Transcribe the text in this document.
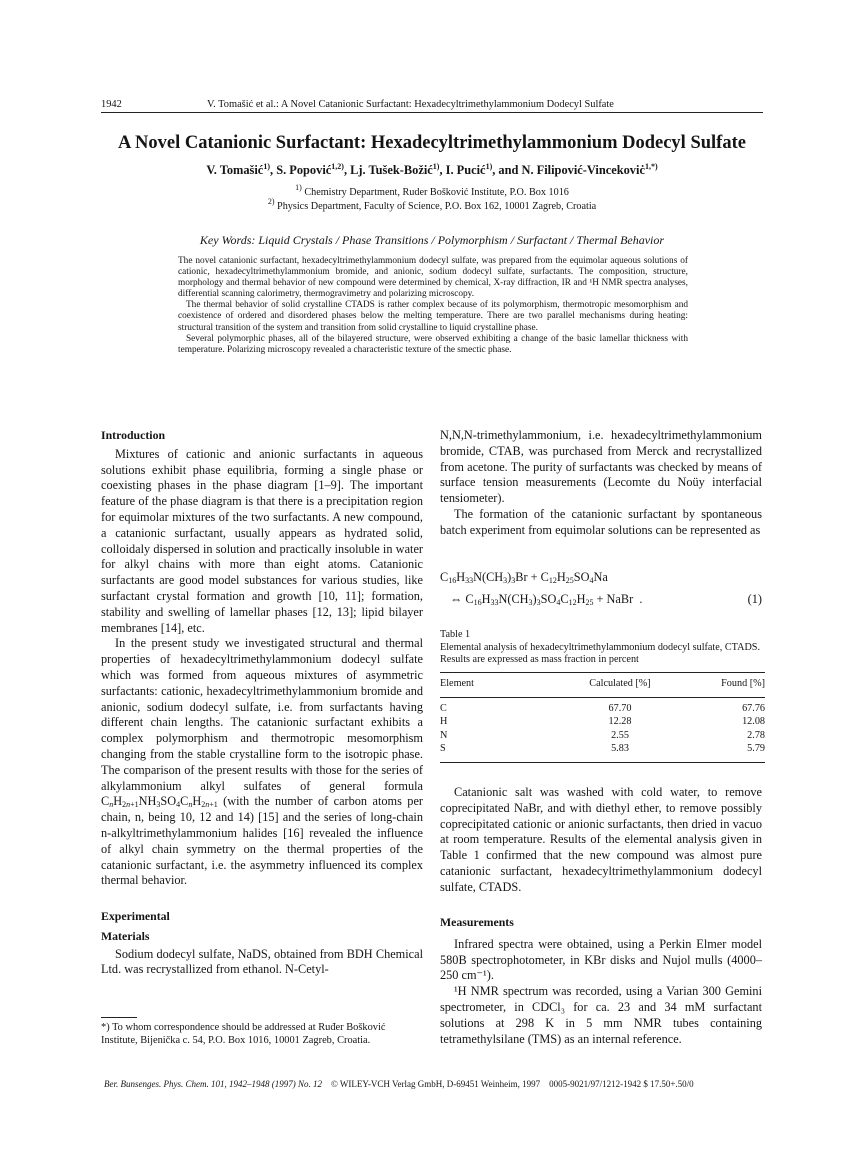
1942	V. Tomašić et al.: A Novel Catanionic Surfactant: Hexadecyltrimethylammonium Dodecyl Sulfate
A Novel Catanionic Surfactant: Hexadecyltrimethylammonium Dodecyl Sulfate
V. Tomašić$^{1)}$, S. Popović$^{1,2)}$, Lj. Tušek-Božić$^{1)}$, I. Pucić$^{1)}$, and N. Filipović-Vincekoviċ$^{1,*)}$
$^{1)}$ Chemistry Department, Ruder Bošković Institute, P.O. Box 1016
$^{2)}$ Physics Department, Faculty of Science, P.O. Box 162, 10001 Zagreb, Croatia
Key Words: Liquid Crystals / Phase Transitions / Polymorphism / Surfactant / Thermal Behavior

The novel catanionic surfactant, hexadecyltrimethylammonium dodecyl sulfate, was prepared from the equimolar aqueous solutions of cationic, hexadecyltrimethylammonium bromide, and anionic, sodium dodecyl sulfate, surfactants. The composition, structure, morphology and thermal behavior of new compound were determined by chemical, X-ray diffraction, IR and ¹H NMR spectra analyses, differential scanning calorimetry, thermogravimetry and polarizing microscopy.

The thermal behavior of solid crystalline CTADS is rather complex because of its polymorphism, thermotropic mesomorphism and coexistence of ordered and disordered phases below the melting temperature. There are two parallel mechanisms during heating: structural transition of the system and transition from solid crystalline to liquid crystalline phase.

Several polymorphic phases, all of the bilayered structure, were observed exhibiting a change of the basic lamellar thickness with temperature. Polarizing microscopy revealed a characteristic texture of the smectic phase.

Introduction

Mixtures of cationic and anionic surfactants in aqueous solutions exhibit phase equilibria, forming a single phase or coexisting phases in the phase diagram [1–9]. The important feature of the phase diagram is that there is a precipitation region for equimolar mixtures of the two surfactants. A new compound, a catanionic surfactant, usually appears as hydrated solid, colloidaly dispersed in solution and practically insoluble in water for alkyl chains with more than eight atoms. Catanionic surfactants are good model substances for various studies, like surfactant crystal formation and growth [10, 11]; formation, stability and swelling of lamellar phases [12, 13]; lipid bilayer membranes [14], etc.

In the present study we investigated structural and thermal properties of hexadecyltrimethylammonium dodecyl sulfate which was formed from aqueous mixtures of asymmetric surfactants: cationic, hexadecyltrimethylammonium bromide and anionic, sodium dodecyl sulfate, i.e. from surfactants having different chain lengths. The catanionic surfactant exhibits a complex polymorphism and thermotropic mesomorphism changing from the stable crystalline form to the isotropic phase. The comparison of the present results with those for the series of alkylammonium alkyl sulfates of general formula $C_nH_{2n+1}NH_3SO_4C_nH_{2n+1}$ (with the number of carbon atoms per chain, n, being 10, 12 and 14) [15] and the series of long-chain n-alkyltrimethylammonium halides [16] revealed the influence of alkyl chain symmetry on the thermal properties of the catanionic surfactant, i.e. the asymmetry influenced its complex thermal behavior.

Experimental

Materials

Sodium dodecyl sulfate, NaDS, obtained from BDH Chemical Ltd. was recrystallized from ethanol. N-Cetyl-

*) To whom correspondence should be addressed at Ruđer Bošković Institute, Bijenička c. 54, P.O. Box 1016, 10001 Zagreb, Croatia.

N,N,N-trimethylammonium, i.e. hexadecyltrimethylammonium bromide, CTAB, was purchased from Merck and recrystallized from acetone. The purity of surfactants was checked by means of surface tension measurements (Lecomte du Noüy interfacial tensiometer).

The formation of the catanionic surfactant by spontaneous batch experiment from equimolar solutions can be represented as

$C_{16}H_{33}N(CH_3)_3Br + C_{12}H_{25}SO_4Na$
⇔ $C_{16}H_{33}N(CH_3)_3SO_4C_{12}H_{25}$ + NaBr  .	(1)
Table 1
Elemental analysis of hexadecyltrimethylammonium dodecyl sulfate, CTADS. Results are expressed as mass fraction in percent
Element	Calculated [%]	Found [%]

C	67.70	67.76
H	12.28	12.08
N	2.55	2.78
S	5.83	5.79

Catanionic salt was washed with cold water, to remove coprecipitated NaBr, and with diethyl ether, to remove possibly coprecipitated cationic or anionic surfactants, then dried in vacuo at room temperature. Results of the elemental analysis given in Table 1 confirmed that the new compound was almost pure catanionic surfactant, hexadecyltrimethylammonium dodecyl sulfate, CTADS.

Measurements

Infrared spectra were obtained, using a Perkin Elmer model 580B spectrophotometer, in KBr disks and Nujol mulls (4000–250 cm⁻¹).

¹H NMR spectrum was recorded, using a Varian 300 Gemini spectrometer, in CDCl₃ for ca. 23 and 34 mM surfactant solutions at 298 K in 5 mm NMR tubes containing tetramethylsilane (TMS) as an internal reference.

Ber. Bunsenges. Phys. Chem. 101, 1942–1948 (1997) No. 12 © WILEY-VCH Verlag GmbH, D-69451 Weinheim, 1997 0005-9021/97/1212-1942 $ 17.50+.50/0
